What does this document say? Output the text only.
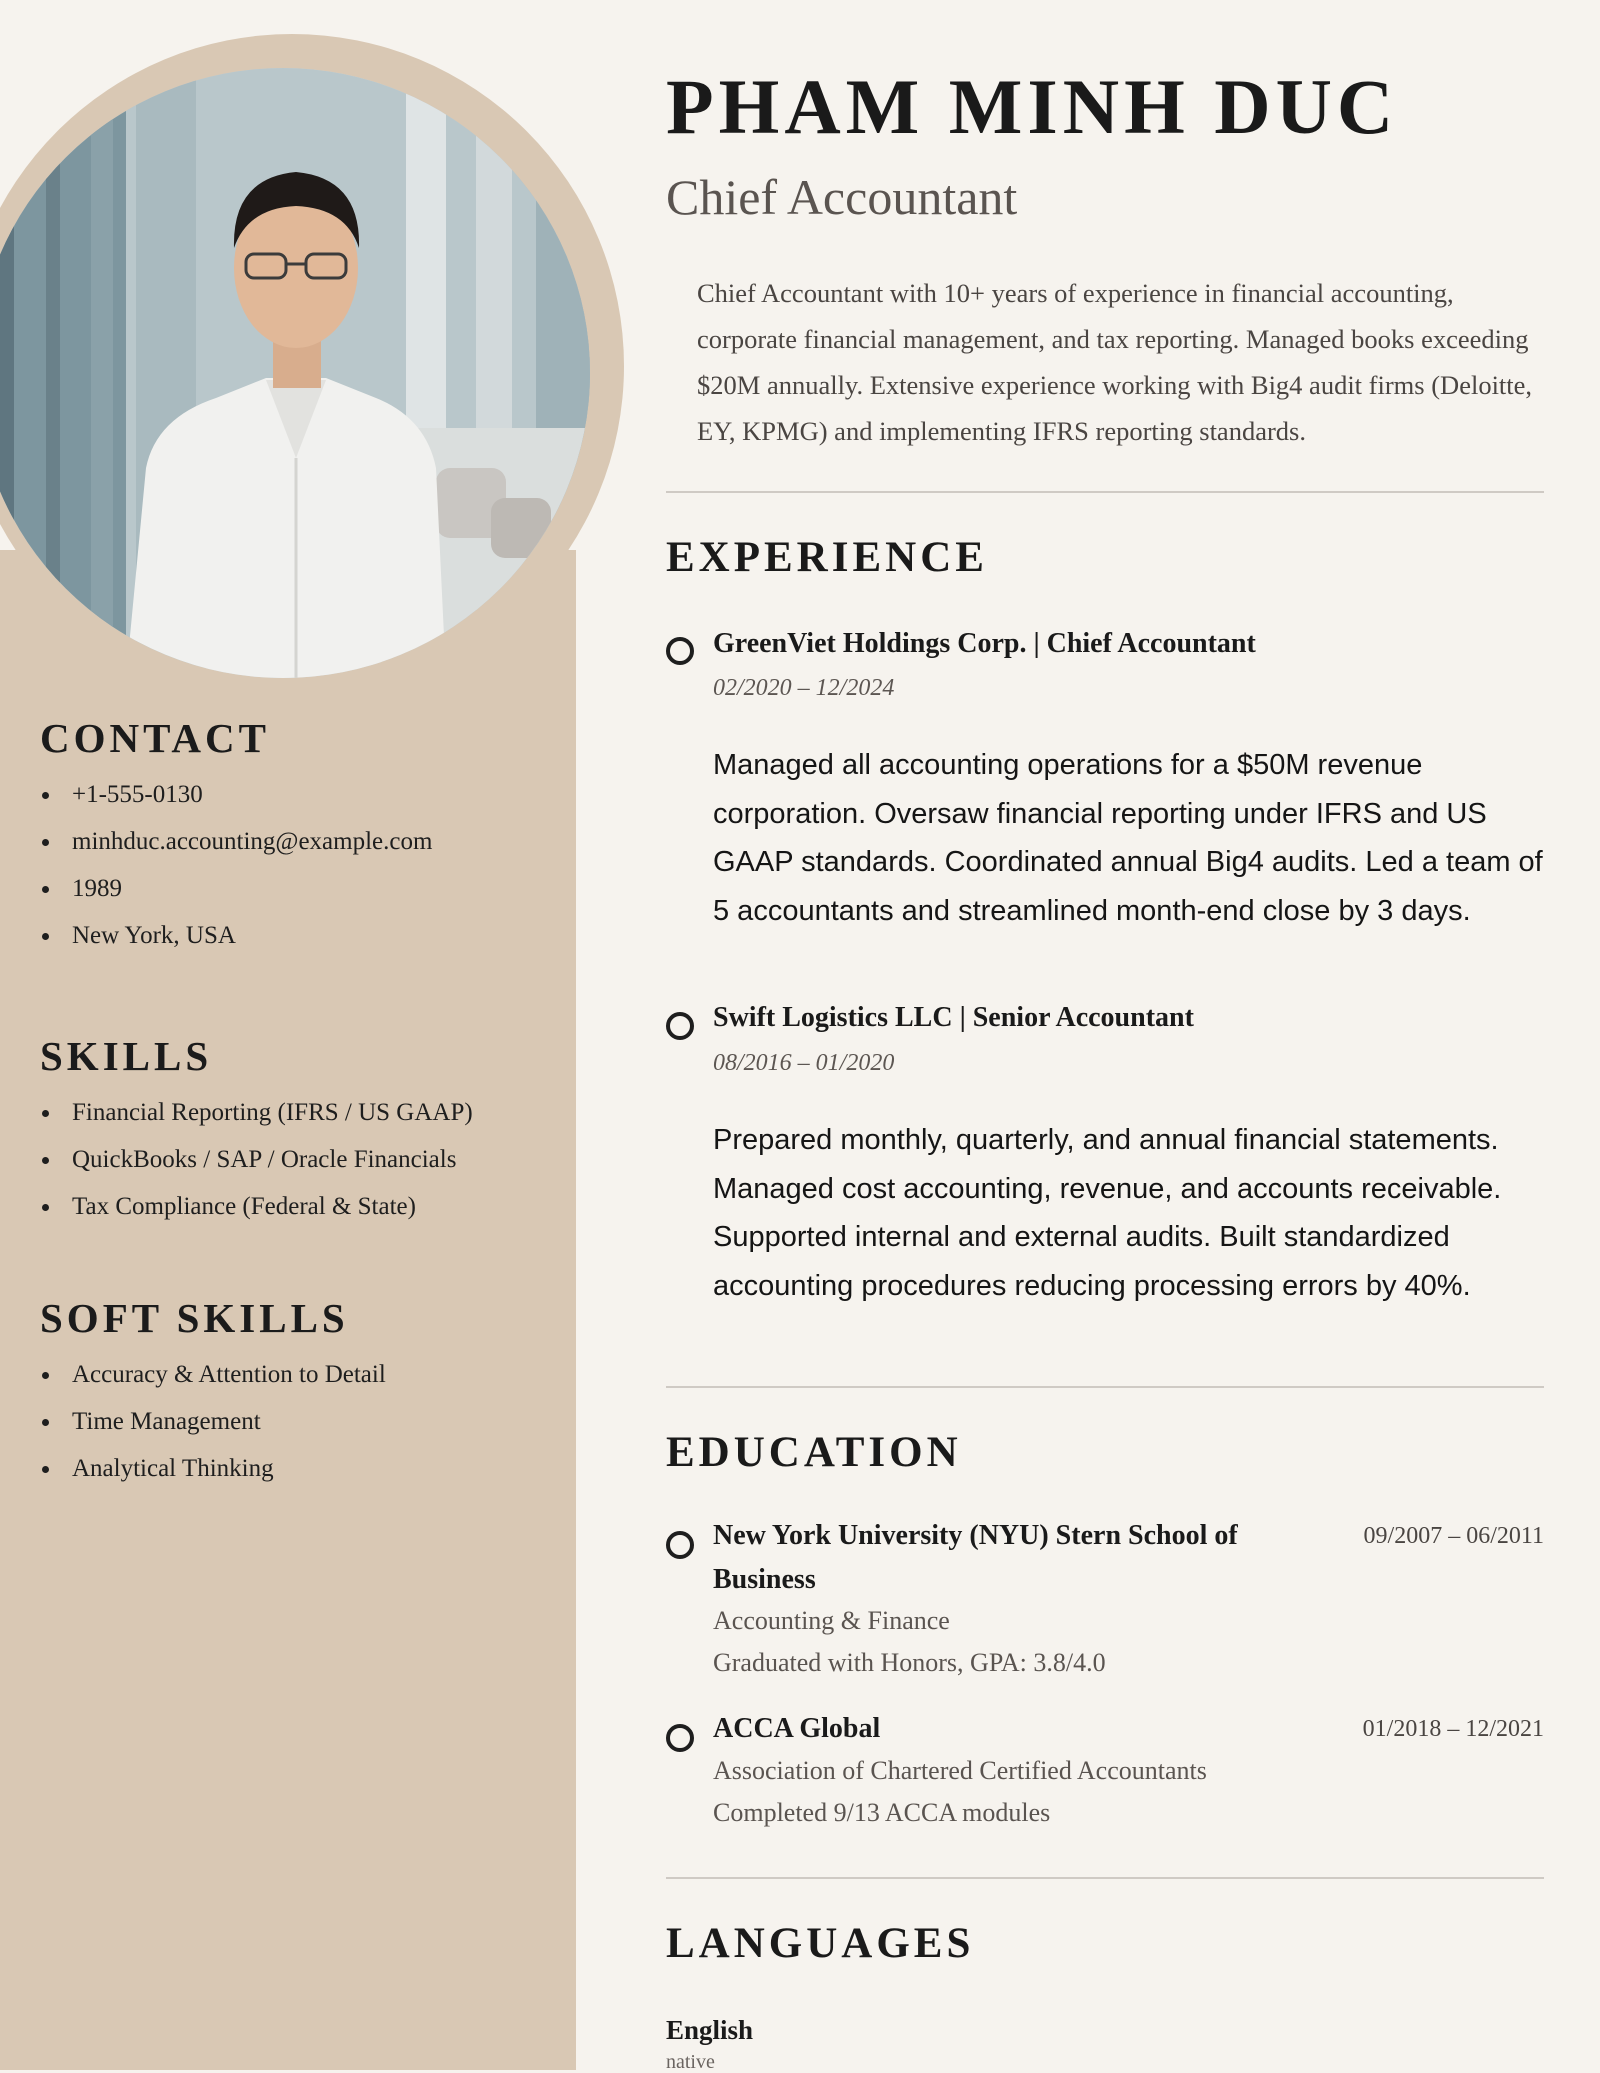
CONTACT
+1-555-0130
minhduc.accounting@example.com
1989
New York, USA
SKILLS
Financial Reporting (IFRS / US GAAP)
QuickBooks / SAP / Oracle Financials
Tax Compliance (Federal & State)
SOFT SKILLS
Accuracy & Attention to Detail
Time Management
Analytical Thinking
PHAM MINH DUC
Chief Accountant

Chief Accountant with 10+ years of experience in financial accounting, corporate financial management, and tax reporting. Managed books exceeding $20M annually. Extensive experience working with Big4 audit firms (Deloitte, EY, KPMG) and implementing IFRS reporting standards.

EXPERIENCE
GreenViet Holdings Corp. | Chief Accountant

02/2020 – 12/2024

Managed all accounting operations for a $50M revenue corporation. Oversaw financial reporting under IFRS and US GAAP standards. Coordinated annual Big4 audits. Led a team of 5 accountants and streamlined month-end close by 3 days.

Swift Logistics LLC | Senior Accountant

08/2016 – 01/2020

Prepared monthly, quarterly, and annual financial statements. Managed cost accounting, revenue, and accounts receivable. Supported internal and external audits. Built standardized accounting procedures reducing processing errors by 40%.

EDUCATION
New York University (NYU) Stern School of Business

09/2007 – 06/2011

Accounting & Finance

Graduated with Honors, GPA: 3.8/4.0

ACCA Global	01/2018 – 12/2021

Association of Chartered Certified Accountants

Completed 9/13 ACCA modules

LANGUAGES

English

native
